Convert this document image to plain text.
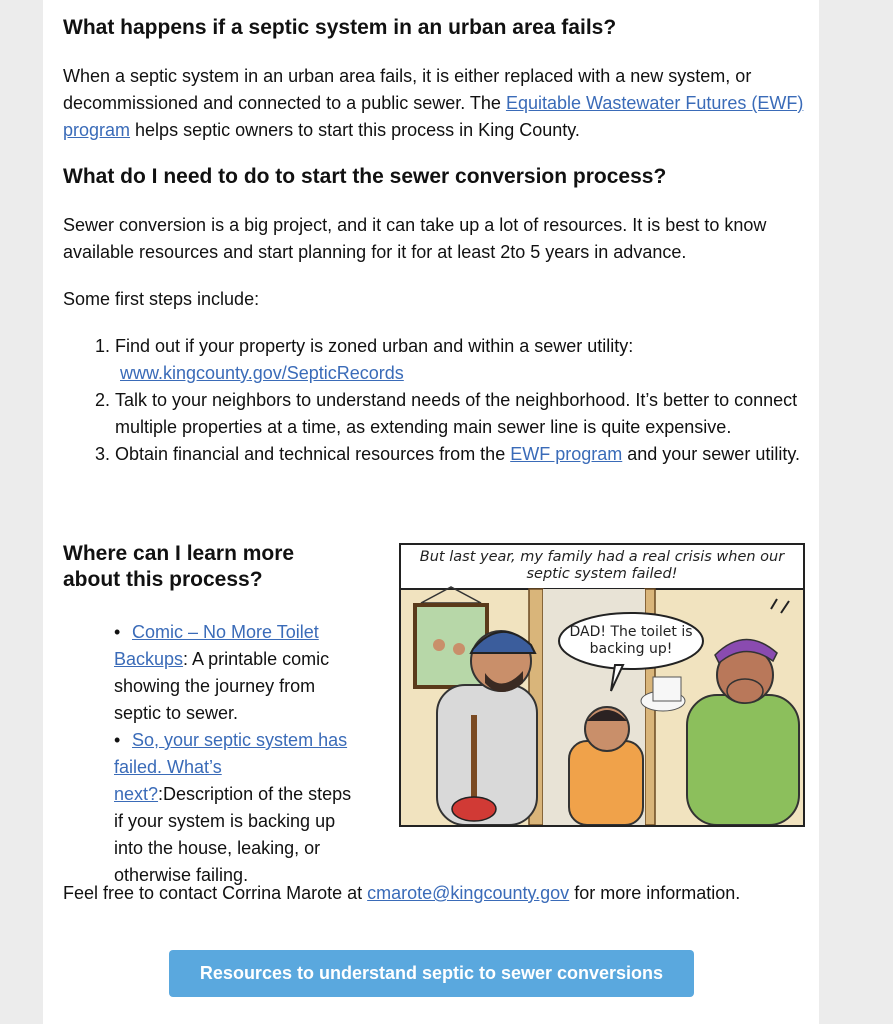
What happens if a septic system in an urban area fails?

When a septic system in an urban area fails, it is either replaced with a new system, or decommissioned and connected to a public sewer. The Equitable Wastewater Futures (EWF) program helps septic owners to start this process in King County.

What do I need to do to start the sewer conversion process?

Sewer conversion is a big project, and it can take up a lot of resources. It is best to know available resources and start planning for it for at least 2to 5 years in advance.

Some first steps include:

1. Find out if your property is zoned urban and within a sewer utility:
www.kingcounty.gov/SepticRecords
2. Talk to your neighbors to understand needs of the neighborhood. It’s better to connect multiple properties at a time, as extending main sewer line is quite expensive.
3. Obtain financial and technical resources from the EWF program and your sewer utility.
Where can I learn more about this process?
But last year, my family had a real crisis when our septic system failed!
DAD! The toilet is backing up!
• Comic – No More Toilet Backups: A printable comic showing the journey from septic to sewer.
• So, your septic system has failed. What’s next?:Description of the steps if your system is backing up into the house, leaking, or otherwise failing.

Feel free to contact Corrina Marote at cmarote@kingcounty.gov for more information.

Resources to understand septic to sewer conversions
